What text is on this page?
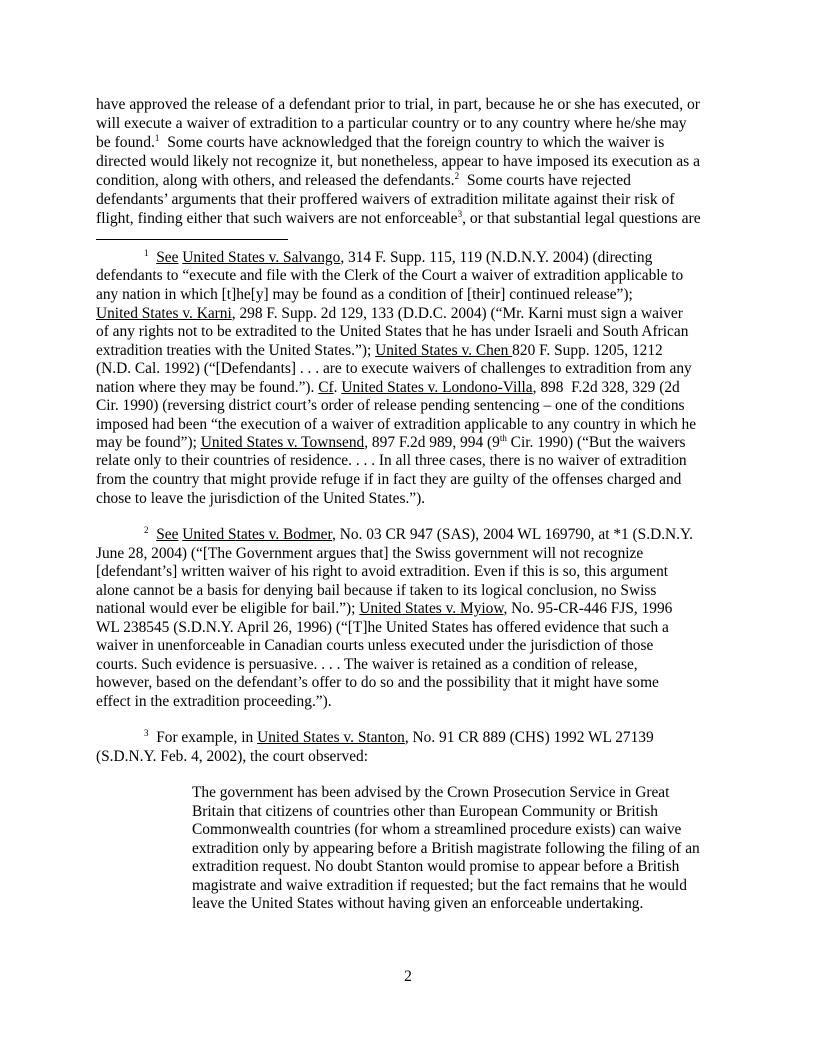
have approved the release of a defendant prior to trial, in part, because he or she has executed, or
will execute a waiver of extradition to a particular country or to any country where he/she may
be found.$^1$  Some courts have acknowledged that the foreign country to which the waiver is
directed would likely not recognize it, but nonetheless, appear to have imposed its execution as a
condition, along with others, and released the defendants.$^2$  Some courts have rejected
defendants’ arguments that their proffered waivers of extradition militate against their risk of
flight, finding either that such waivers are not enforceable$^3$, or that substantial legal questions are
$^1$ See United States v. Salvango, 314 F. Supp. 115, 119 (N.D.N.Y. 2004) (directing
defendants to “execute and file with the Clerk of the Court a waiver of extradition applicable to
any nation in which [t]he[y] may be found as a condition of [their] continued release”);
United States v. Karni, 298 F. Supp. 2d 129, 133 (D.D.C. 2004) (“Mr. Karni must sign a waiver
of any rights not to be extradited to the United States that he has under Israeli and South African
extradition treaties with the United States.”); United States v. Chen 820 F. Supp. 1205, 1212
(N.D. Cal. 1992) (“[Defendants] . . . are to execute waivers of challenges to extradition from any
nation where they may be found.”). Cf. United States v. Londono-Villa, 898  F.2d 328, 329 (2d
Cir. 1990) (reversing district court’s order of release pending sentencing – one of the conditions
imposed had been “the execution of a waiver of extradition applicable to any country in which he
may be found”); United States v. Townsend, 897 F.2d 989, 994 (9th Cir. 1990) (“But the waivers
relate only to their countries of residence. . . . In all three cases, there is no waiver of extradition
from the country that might provide refuge if in fact they are guilty of the offenses charged and
chose to leave the jurisdiction of the United States.”).
$^2$ See United States v. Bodmer, No. 03 CR 947 (SAS), 2004 WL 169790, at *1 (S.D.N.Y.
June 28, 2004) (“[The Government argues that] the Swiss government will not recognize
[defendant’s] written waiver of his right to avoid extradition. Even if this is so, this argument
alone cannot be a basis for denying bail because if taken to its logical conclusion, no Swiss
national would ever be eligible for bail.”); United States v. Myiow, No. 95-CR-446 FJS, 1996
WL 238545 (S.D.N.Y. April 26, 1996) (“[T]he United States has offered evidence that such a
waiver in unenforceable in Canadian courts unless executed under the jurisdiction of those
courts. Such evidence is persuasive. . . . The waiver is retained as a condition of release,
however, based on the defendant’s offer to do so and the possibility that it might have some
effect in the extradition proceeding.”).
$^3$  For example, in United States v. Stanton, No. 91 CR 889 (CHS) 1992 WL 27139
(S.D.N.Y. Feb. 4, 2002), the court observed:
The government has been advised by the Crown Prosecution Service in Great
Britain that citizens of countries other than European Community or British
Commonwealth countries (for whom a streamlined procedure exists) can waive
extradition only by appearing before a British magistrate following the filing of an
extradition request. No doubt Stanton would promise to appear before a British
magistrate and waive extradition if requested; but the fact remains that he would
leave the United States without having given an enforceable undertaking.
2
